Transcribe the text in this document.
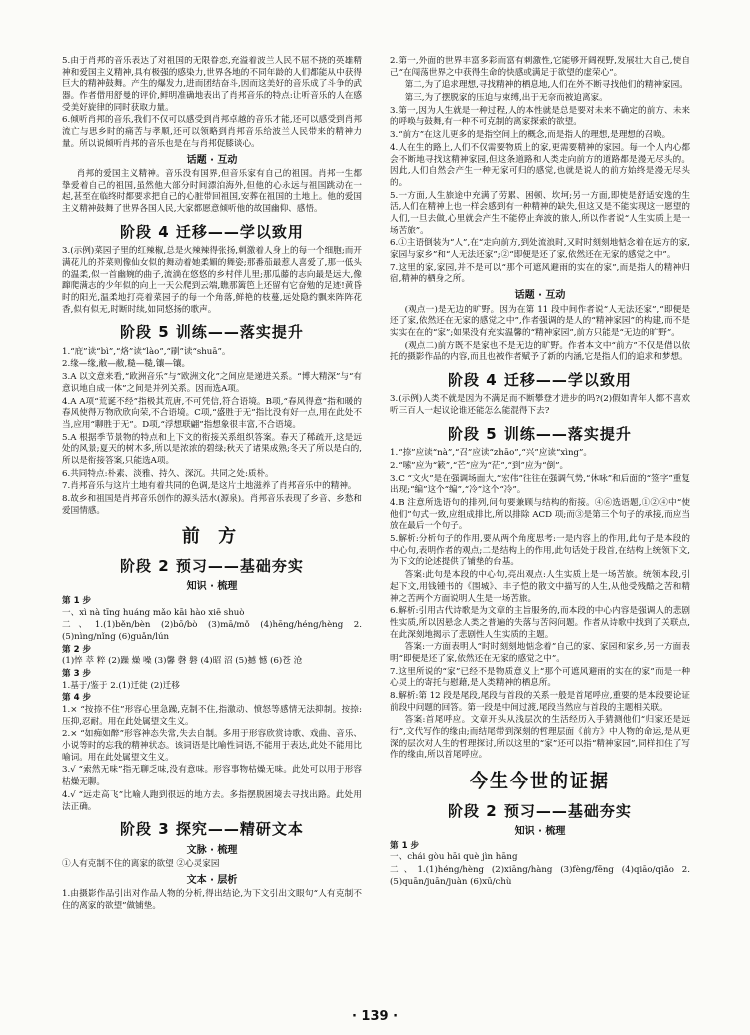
5.由于肖邦的音乐表达了对祖国的无限眷恋,充溢着波兰人民不屈不挠的英雄精神和爱国主义精神,具有极强的感染力,世界各地的不同年龄的人们都能从中获得巨大的精神鼓舞。产生的爆发力,进而团结奋斗,因而这美好的音乐成了斗争的武器。作者借用舒曼的评价,鲜明准确地表出了肖邦音乐的特点:让听音乐的人在感受美好旋律的同时获取力量。

6.倾听肖邦的音乐,我们不仅可以感受到肖邦卓越的音乐才能,还可以感受到肖邦流亡与思乡时的痛苦与孝顺,还可以领略到肖邦音乐给波兰人民带来的精神力量。所以说倾听肖邦的音乐也是在与肖邦促膝谈心。

话题 · 互动

肖邦的爱国主义精神。音乐没有国界,但音乐家有自己的祖国。肖邦一生都挚爱着自己的祖国,虽然他大部分时间漂泊海外,但他的心永远与祖国跳动在一起,甚至在临终时都要求把自己的心脏带回祖国,安葬在祖国的土地上。他的爱国主义精神鼓舞了世界各国人民,大家都愿意倾听他的故国幽仰、感悟。

阶段 4 迁移——学以致用

3.(示例)菜园子里的红辣椒,总是火辣辣得张扬,刺激着人身上的每一个细胞;而开满花儿的芥菜则像仙女似的舞动着她柔媚的舞姿;那番茄最惹人喜爱了,那一低头的温柔,似一首幽婉的曲子,流淌在悠悠的乡村伴儿里;那瓜藤的志向最是远大,像蹿爬满志的少年似的向上一天公爬到云端,瞧那篱笆上还留有它奋勉的足迹!黄昏时的阳光,温柔地打亮着菜园子的每一个角落,鲜艳的枝蔓,远处隐约飘来阵阵花香,似有似无,时断时续,如同悠扬的歌声。

阶段 5 训练——落实提升

1.“庇”读“bì”,“烙”读“lào”,“刷”读“shuā”。

2.缘—缘,敝—敝,糙—糙,镶—镶。

3.A 以文意来看,“欧洲音乐”与“欧洲文化”之间应是递进关系。“博大精深”与“有意识地自成一体”之间是并列关系。因而选A项。

4.A A项“荒诞不经”指极其荒唐,不可凭信,符合语境。B项,“春风得意”指和暖的春风使得万物欣欣向荣,不合语境。C项,“盛胜于无”指比没有好一点,用在此处不当,应用“聊胜于无”。D项,“浮想联翩”指想象很丰富,不合语境。

5.A 根据季节景物的特点和上下文的衔接关系组织答案。春天了稀疏开,这是远处的风景;夏天的树木多,所以是浓浓的碧绿;秋天了诸果成熟;冬天了所以是白的,所以是衔接答案,只能选A项。

6.共同特点:朴素、淡雅、持久、深沉。共同之处:质朴。

7.肖邦音乐与这片土地有着共同的色调,是这片土地滋养了肖邦音乐中的精神。

8.故乡和祖国是肖邦音乐创作的源头活水(源泉)。肖邦音乐表现了乡音、乡愁和爱国情感。

前 方
阶段 2 预习——基础夯实
知识 · 梳理
第 1 步

一、xì nà tīng huáng mǎo kāi hào xiē shuò

二、1.(1)běn/bèn (2)bō/bò (3)mā/mǒ (4)hēng/héng/hèng 2.(5)nìng/nǐng (6)guǎn/lún

第 2 步

(1)悴 萃 粹 (2)躁 燥 噪 (3)馨 磬 磐 (4)昭 沼 (5)撼 憾 (6)苍 沧

第 3 步

1.基于/鉴于 2.(1)迁徙 (2)迁移

第 4 步

1.× “按捺不住”形容心里急躁,克制不住,指激动、愤怒等感情无法抑制。按捺:压抑,忍耐。用在此处属望文生义。

2.× “如痴如醉”形容神态失常,失去自制。多用于形容欣赏诗歌、戏曲、音乐、小说等时的忘我的精神状态。该词语是比喻性词语,不能用于表达,此处不能用比喻词。用在此处属望文生义。

3.√ “索然无味”指无聊乏味,没有意味。形容事物枯燥无味。此处可以用于形容枯燥无聊。

4.√ “远走高飞”比喻人跑到很远的地方去。多指摆脱困境去寻找出路。此处用法正确。

阶段 3 探究——精研文本
文脉 · 梳理

①人有克制不住的离家的欲望 ②心灵家园

文本 · 层析

1.由摄影作品引出对作品人物的分析,得出结论,为下文引出文眼句“人有克制不住的离家的欲望”做铺垫。

2.第一,外面的世界丰富多彩而富有刺激性,它能够开阔视野,发展壮大自己,使自己“在闯荡世界之中获得生命的快感或满足于欲望的虚荣心”。

第二,为了追求理想,寻找精神的栖息地,人们在外不断寻找他们的精神家园。

第三,为了摆脱家的压迫与束缚,出于无奈而被迫离家。

3.第一,因为人生就是一种过程,人的本性就是总是要对未来不确定的前方、未来的呼唤与鼓舞,有一种不可克制的离家探索的欲望。

3.“前方”在这儿更多的是指空间上的概念,而是指人的理想,是理想的召唤。

4.人在生的路上,人们不仅需要物质上的家,更需要精神的家园。每一个人内心都会不断地寻找这精神家园,但这条道路和人类走向前方的道路都是漫无尽头的。因此,人们自然会产生一种无家可归的感觉,也就是说人的前方始终是漫无尽头的。

5.一方面,人生旅途中充满了劳累、困顿、坎坷;另一方面,即使是舒适安逸的生活,人们在精神上也一样会感到有一种精神的缺失,但这又是不能实现这一愿望的人们,一旦去做,心里就会产生不能停止奔波的旅人,所以作者说“人生实质上是一场苦旅”。

6.①主语倒装为“人”,在“走向前方,到处流浪时,又时时刻刻地惦念着在远方的家,家园与家乡”和“人无法还家”;②“即便是还了家,依然还在无家的感觉之中”。

7.这里的家,家园,并不是可以“那个可遮风避雨的实在的家”,而是指人的精神归宿,精神的栖身之所。

话题 · 互动

(观点一)是无边的旷野。因为在第 11 段中间作者说“人无法还家”,“即便是还了家,依然还在无家的感觉之中”,作者强调的是人的“精神家园”的构建,而不是实实在在的“家”;如果没有充实温馨的“精神家园”,前方只能是“无边的旷野”。

(观点二)前方既不是家也不是无边的旷野。作者本文中“前方”不仅是借以依托的摄影作品的内容,而且也被作者赋予了新的内涵,它是指人们的追求和梦想。

阶段 4 迁移——学以致用

3.(示例)人类不就是因为不满足而不断攀登才进步的吗?(2)假如青年人都不喜欢听三百人一起议论谁还能怎么能混得下去?

阶段 5 训练——落实提升

1.“捺”应读“nà”,“召”应读“zhāo”,“兴”应读“xìng”。

2.“嗦”应为“簌”,“芒”应为“茫”,“到”应为“倒”。

3.C “文火”是在强调场面大,“宏伟”往往在强调气势,“休咏”和后面的“签字”重复出现;“编”这个“编”,“冷”这个“冷”。

4.B 注意所选语句的排列,问句要兼顾与结构的衔接。④⑥选语题,①②④中“使他们”句式一致,应组成排比,所以排除 ACD 项;而③是第三个句子的承接,而应当放在最后一个句子。

5.解析:分析句子的作用,要从两个角度思考:一是内容上的作用,此句子是本段的中心句,表明作者的观点;二是结构上的作用,此句话处于段首,在结构上统领下文,为下文的论述提供了铺垫的台基。

答案:此句是本段的中心句,亮出观点:人生实质上是一场苦旅。统领本段,引起下文,用钱锺书的《围城》、丰子恺的散文中描写的人生,从他受残酷之苦和精神之苦两个方面说明人生是一场苦旅。

6.解析:引用古代诗歌是为文章的主旨服务的,而本段的中心内容是强调人的悲剧性实质,所以因悬念人类之普遍的失落与苦闷问题。作者从诗歌中找到了关联点,在此深刻地揭示了悲剧性人生实质的主题。

答案:一方面表明人“时时刻刻地惦念着”自己的家、家园和家乡,另一方面表明“即便是还了家,依然还在无家的感觉之中”。

7.这里所说的“家”已经不是物质意义上“那个可遮风避雨的实在的家”而是一种心灵上的寄托与慰藉,是人类精神的栖息所。

8.解析:第 12 段是尾段,尾段与首段的关系一般是首尾呼应,重要的是本段要论证前段中问题的回答。第一段是中间过渡,尾段当然应与首段的主题相关联。

答案:首尾呼应。文章开头从浅层次的生活经历入手猜测他们“归家还是远行”,文代写作的缘由;而结尾带到深刻的哲理层面《前方》中人物的命运,是从更深的层次对人生的哲理探讨,所以这里的“家”还可以指“精神家园”,同样扣住了写作的缘由,所以首尾呼应。

今生今世的证据
阶段 2 预习——基础夯实
知识 · 梳理
第 1 步

一、chái gòu hāi què jìn hāng

二、1.(1)héng/hèng (2)xiāng/hàng (3)fèng/fēng (4)qiāo/qiǎo 2.(5)quān/juān/juàn (6)xū/chù

· 139 ·
